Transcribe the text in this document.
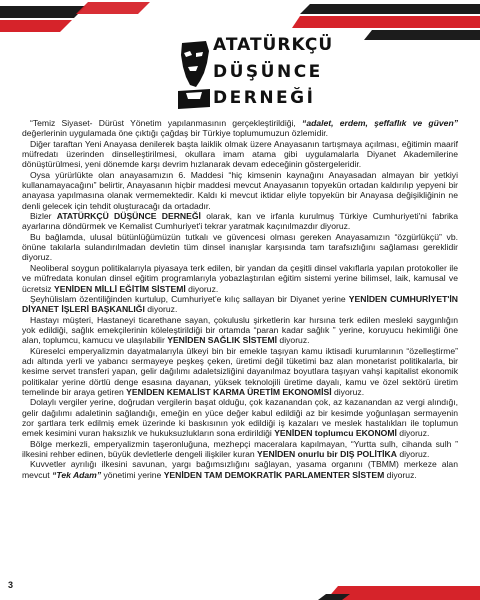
ATATÜRKÇÜ
DÜŞÜNCE
DERNEĞİ

“Temiz Siyaset- Dürüst Yönetim yapılanmasının gerçekleştirildiği, “adalet, erdem, şeffaflık ve güven” değerlerinin uygulamada öne çıktığı çağdaş bir Türkiye toplumumuzun özlemidir.

Diğer taraftan Yeni Anayasa denilerek başta laiklik olmak üzere Anayasanın tartışmaya açılması, eğitimin maarif müfredatı üzerinden dinselleştirilmesi, okullara imam atama gibi uygulamalarla Diyanet Akademilerine dönüştürülmesi, yeni dönemde karşı devrim hızlanarak devam edeceğinin göstergeleridir.

Oysa yürürlükte olan anayasamızın 6. Maddesi “hiç kimsenin kaynağını Anayasadan almayan bir yetkiyi kullanamayacağını” belirtir, Anayasanın hiçbir maddesi mevcut Anayasanın topyekün ortadan kaldırılıp yepyeni bir anayasa yapılmasına olanak vermemektedir. Kaldı ki mevcut iktidar eliyle topyekün bir Anayasa değişikliğinin ne denli gelecek için tehdit oluşturacağı da ortadadır.

Bizler ATATÜRKÇÜ DÜŞÜNCE DERNEĞİ olarak, kan ve irfanla kurulmuş Türkiye Cumhuriyeti'ni fabrika ayarlarına döndürmek ve Kemalist Cumhuriyet'i tekrar yaratmak kaçınılmazdır diyoruz.

Bu bağlamda, ulusal bütünlüğümüzün tutkalı ve güvencesi olması gereken Anayasamızın “özgürlükçü” vb. önüne takılarla sulandırılmadan devletin tüm dinsel inanışlar karşısında tam tarafsızlığını sağlaması gereklidir diyoruz.

Neoliberal soygun politikalarıyla piyasaya terk edilen, bir yandan da çeşitli dinsel vakıflarla yapılan protokoller ile ve müfredata konulan dinsel eğitim programlarıyla yobazlaştırılan eğitim sistemi yerine bilimsel, laik, kamusal ve ücretsiz YENİDEN MİLLİ EĞİTİM SİSTEMİ diyoruz.

Şeyhülislam özentiliğinden kurtulup, Cumhuriyet'e kılıç sallayan bir Diyanet yerine YENİDEN CUMHURİYET'İN DİYANET İŞLERİ BAŞKANLIĞI diyoruz.

Hastayı müşteri, Hastaneyi ticarethane sayan, çokuluslu şirketlerin kar hırsına terk edilen mesleki saygınlığın yok edildiği, sağlık emekçilerinin köleleştirildiği bir ortamda “paran kadar sağlık ” yerine, koruyucu hekimliği öne alan, toplumcu, kamucu ve ulaşılabilir YENİDEN SAĞLIK SİSTEMİ diyoruz.

Küreselci emperyalizmin dayatmalarıyla ülkeyi bin bir emekle taşıyan kamu iktisadi kurumlarının “özelleştirme” adı altında yerli ve yabancı sermayeye peşkeş çeken, üretimi değil tüketimi baz alan monetarist politikalarla, bir kesime servet transferi yapan, gelir dağılımı adaletsizliğini dayanılmaz boyutlara taşıyan vahşi kapitalist ekonomik politikalar yerine dörtlü denge esasına dayanan, yüksek teknolojili üretime dayalı, kamu ve özel sektörü üretim temelinde bir araya getiren YENİDEN KEMALİST KARMA ÜRETİM EKONOMİSİ diyoruz.

Dolaylı vergiler yerine, doğrudan vergilerin başat olduğu, çok kazanandan çok, az kazanandan az vergi alındığı, gelir dağılımı adaletinin sağlandığı, emeğin en yüce değer kabul edildiği az bir kesimde yoğunlaşan sermayenin zor şartlara terk edilmiş emek üzerinde ki baskısının yok edildiği iş kazaları ve meslek hastalıkları ile toplumun emek kesimini vuran haksızlık ve hukuksuzlukların sona erdirildiği YENİDEN toplumcu EKONOMİ diyoruz.

Bölge merkezli, emperyalizmin taşeronluğuna, mezhepçi maceralara kapılmayan, “Yurtta sulh, cihanda sulh ” ilkesini rehber edinen, büyük devletlerle dengeli ilişkiler kuran YENİDEN onurlu bir DIŞ POLİTİKA diyoruz.

Kuvvetler ayrılığı ilkesini savunan, yargı bağımsızlığını sağlayan, yasama organını (TBMM) merkeze alan mevcut “Tek Adam” yönetimi yerine YENİDEN TAM DEMOKRATİK PARLAMENTER SİSTEM diyoruz.

3
